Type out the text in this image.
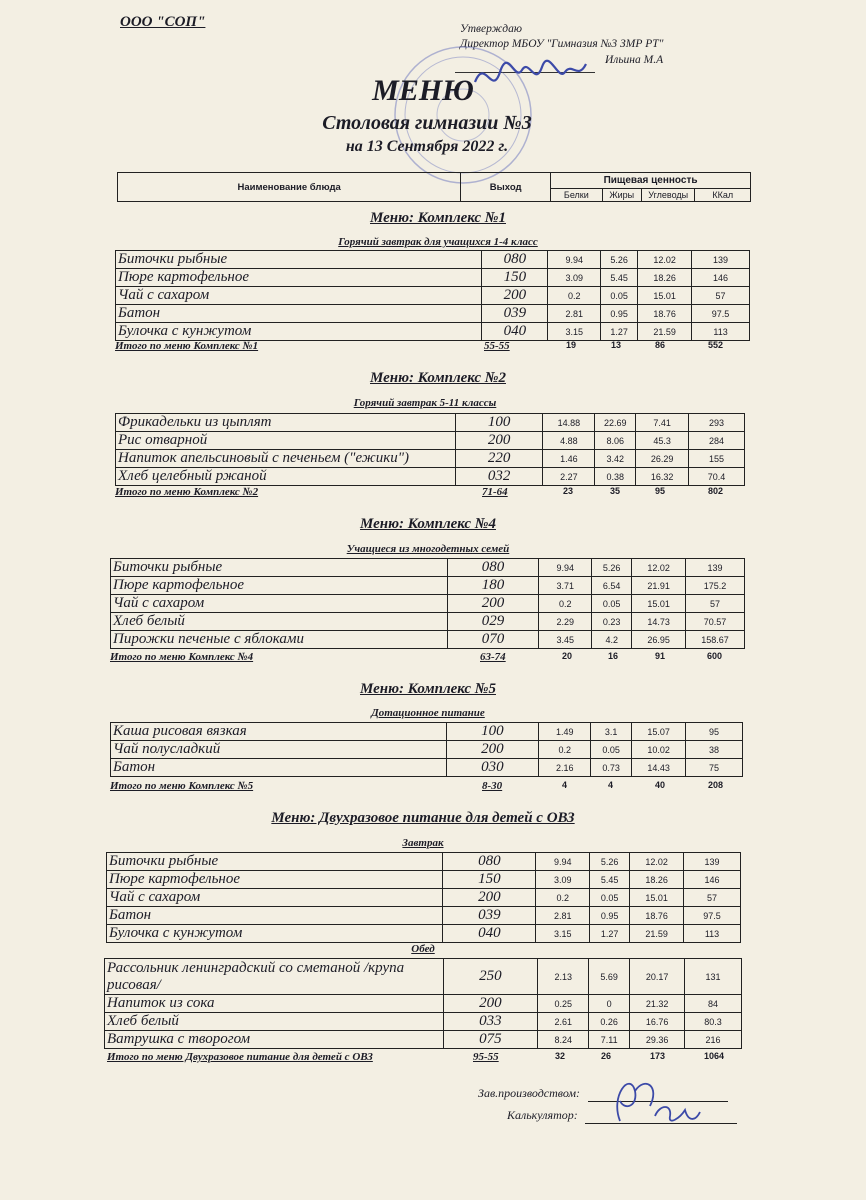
ООО "СОП"	Утверждаю
Директор МБОУ "Гимназия №3 ЗМР РТ"
Ильина М.А
МЕНЮ
Столовая гимназии №3
на 13 Сентября 2022 г.
Наименование блюда	Выход	Пищевая ценность			
		Белки	Жиры	Углеводы	ККал
Меню: Комплекс №1
Горячий завтрак для учащихся 1-4 класс
Биточки рыбные	080	9.94	5.26	12.02	139
Пюре картофельное	150	3.09	5.45	18.26	146
Чай с сахаром	200	0.2	0.05	15.01	57
Батон	039	2.81	0.95	18.76	97.5
Булочка с кунжутом	040	3.15	1.27	21.59	113
Итого по меню Комплекс №1	55-55	19	13	86	552
Меню: Комплекс №2
Горячий завтрак 5-11 классы
Фрикадельки из цыплят	100	14.88	22.69	7.41	293
Рис отварной	200	4.88	8.06	45.3	284
Напиток апельсиновый с печеньем ("ежики")	220	1.46	3.42	26.29	155
Хлеб целебный ржаной	032	2.27	0.38	16.32	70.4
Итого по меню Комплекс №2	71-64	23	35	95	802
Меню: Комплекс №4
Учащиеся из многодетных семей
Биточки рыбные	080	9.94	5.26	12.02	139
Пюре картофельное	180	3.71	6.54	21.91	175.2
Чай с сахаром	200	0.2	0.05	15.01	57
Хлеб белый	029	2.29	0.23	14.73	70.57
Пирожки печеные с яблоками	070	3.45	4.2	26.95	158.67
Итого по меню Комплекс №4	63-74	20	16	91	600
Меню: Комплекс №5
Дотационное питание
Каша рисовая вязкая	100	1.49	3.1	15.07	95
Чай полусладкий	200	0.2	0.05	10.02	38
Батон	030	2.16	0.73	14.43	75
Итого по меню Комплекс №5	8-30	4	4	40	208
Меню: Двухразовое питание для детей с ОВЗ
Завтрак
Биточки рыбные	080	9.94	5.26	12.02	139
Пюре картофельное	150	3.09	5.45	18.26	146
Чай с сахаром	200	0.2	0.05	15.01	57
Батон	039	2.81	0.95	18.76	97.5
Булочка с кунжутом	040	3.15	1.27	21.59	113
Обед
Рассольник ленинградский со сметаной /крупа рисовая/	250	2.13	5.69	20.17	131
Напиток из сока	200	0.25	0	21.32	84
Хлеб белый	033	2.61	0.26	16.76	80.3
Ватрушка с творогом	075	8.24	7.11	29.36	216
Итого по меню Двухразовое питание для детей с ОВЗ	95-55	32	26	173	1064
Зав.производством:
Калькулятор:
